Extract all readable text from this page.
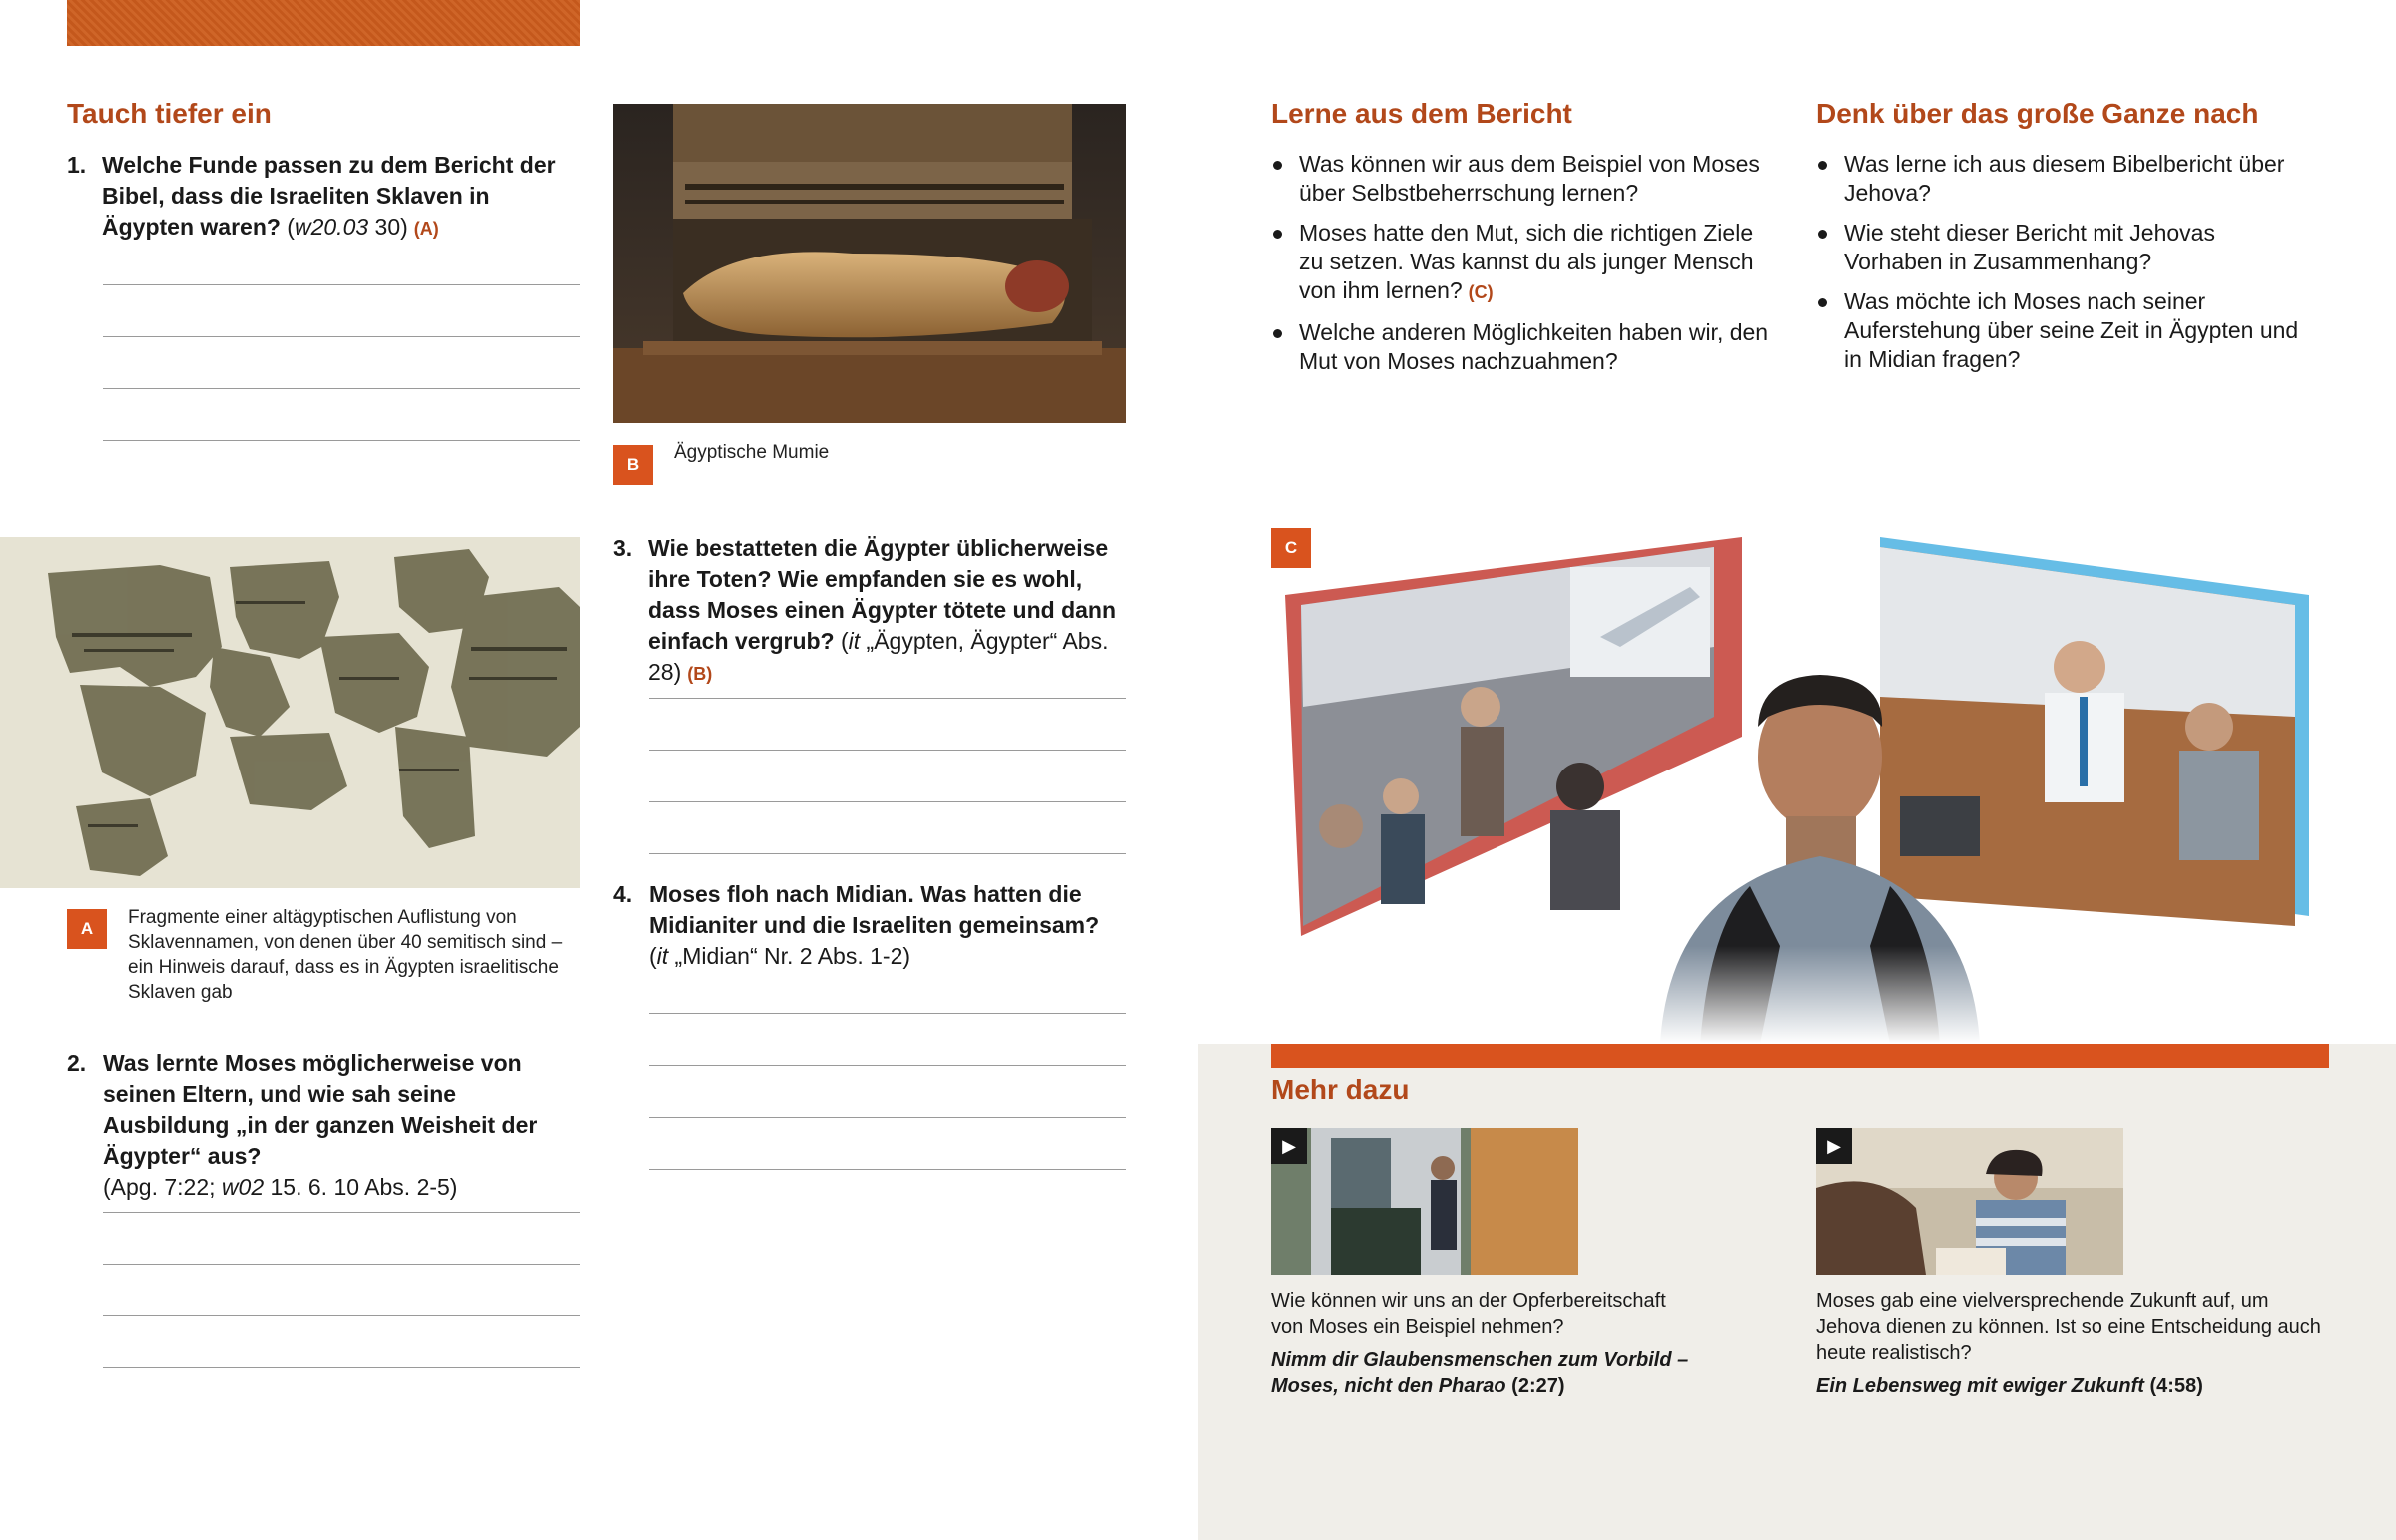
Tauch tiefer ein
1. Welche Funde passen zu dem Bericht der Bibel, dass die Israeliten Sklaven in Ägypten waren? (w20.03 30) (A)
A
Fragmente einer altägyptischen Auflistung von Sklavennamen, von denen über 40 semitisch sind – ein Hinweis darauf, dass es in Ägypten israelitische Sklaven gab
2. Was lernte Moses möglicherweise von seinen Eltern, und wie sah seine Ausbildung „in der ganzen Weisheit der Ägypter“ aus?
(Apg. 7:22; w02 15. 6. 10 Abs. 2-5)
B
Ägyptische Mumie
3. Wie bestatteten die Ägypter üblicherweise ihre Toten? Wie empfanden sie es wohl, dass Moses einen Ägypter tötete und dann einfach vergrub? (it „Ägypten, Ägypter“ Abs. 28) (B)
4. Moses floh nach Midian. Was hatten die Midianiter und die Israeliten gemeinsam?
(it „Midian“ Nr. 2 Abs. 1-2)
Lerne aus dem Bericht
Was können wir aus dem Beispiel von Moses über Selbstbeherrschung lernen?
Moses hatte den Mut, sich die richtigen Ziele zu setzen. Was kannst du als junger Mensch von ihm lernen? (C)
Welche anderen Möglichkeiten haben wir, den Mut von Moses nachzuahmen?
Denk über das große Ganze nach
Was lerne ich aus diesem Bibelbericht über Jehova?
Wie steht dieser Bericht mit Jehovas Vorhaben in Zusammenhang?
Was möchte ich Moses nach seiner Auferstehung über seine Zeit in Ägypten und in Midian fragen?
C
Mehr dazu
▶
Wie können wir uns an der Opferbereitschaft von Moses ein Beispiel nehmen?
Nimm dir Glaubensmenschen zum Vorbild – Moses, nicht den Pharao (2:27)
▶
Moses gab eine vielversprechende Zukunft auf, um Jehova dienen zu können. Ist so eine Entscheidung auch heute realistisch?
Ein Lebensweg mit ewiger Zukunft (4:58)
